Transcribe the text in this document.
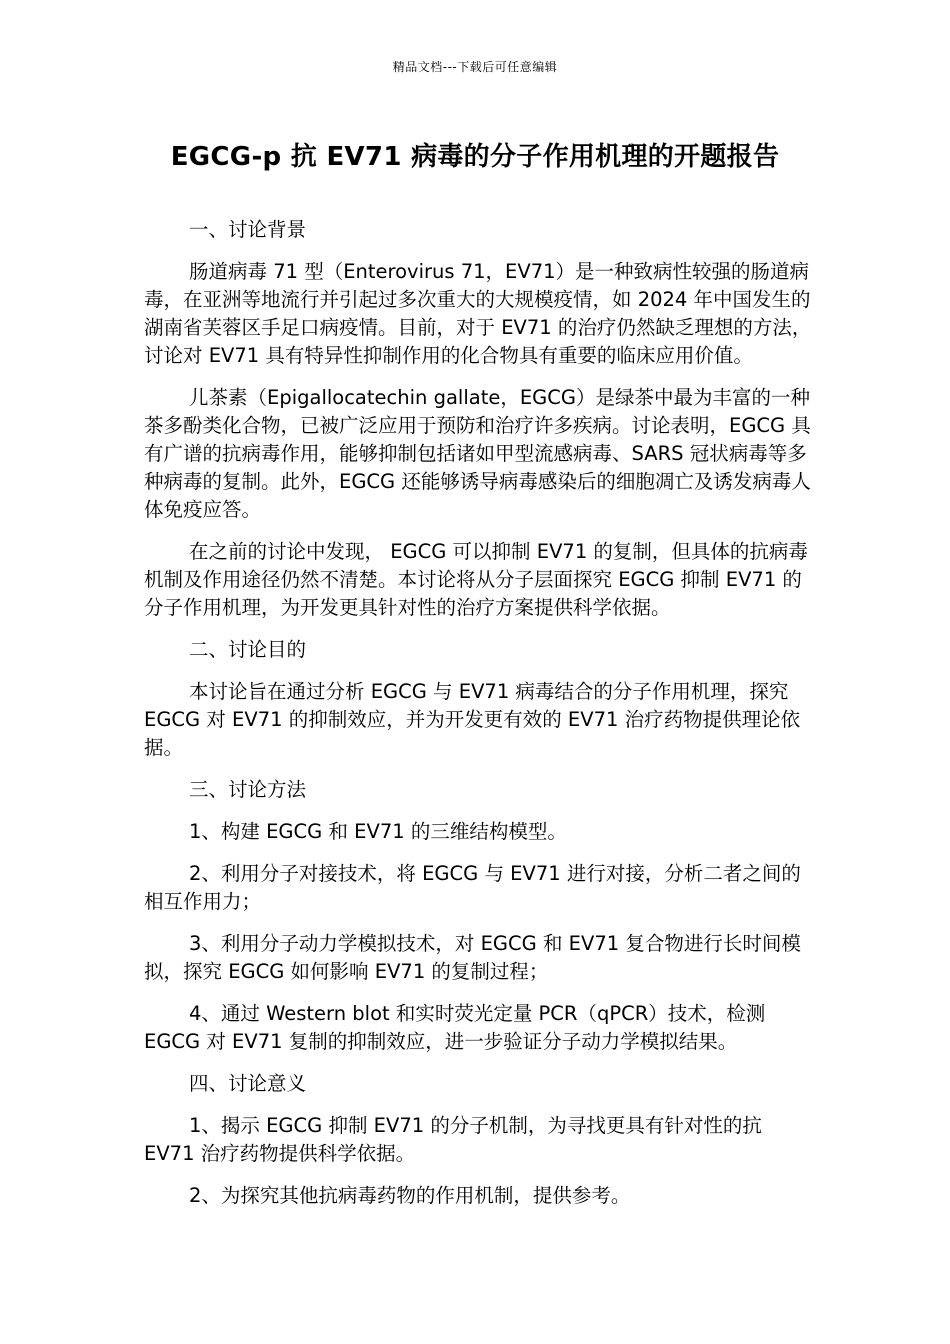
精品文档---下载后可任意编辑
EGCG-p 抗 EV71 病毒的分子作用机理的开题报告

一、讨论背景

肠道病毒 71 型（Enterovirus 71，EV71）是一种致病性较强的肠道病毒，在亚洲等地流行并引起过多次重大的大规模疫情，如 2024 年中国发生的湖南省芙蓉区手足口病疫情。目前，对于 EV71 的治疗仍然缺乏理想的方法，讨论对 EV71 具有特异性抑制作用的化合物具有重要的临床应用价值。

儿茶素（Epigallocatechin gallate，EGCG）是绿茶中最为丰富的一种茶多酚类化合物，已被广泛应用于预防和治疗许多疾病。讨论表明，EGCG 具有广谱的抗病毒作用，能够抑制包括诸如甲型流感病毒、SARS 冠状病毒等多种病毒的复制。此外，EGCG 还能够诱导病毒感染后的细胞凋亡及诱发病毒人体免疫应答。

在之前的讨论中发现， EGCG 可以抑制 EV71 的复制，但具体的抗病毒机制及作用途径仍然不清楚。本讨论将从分子层面探究 EGCG 抑制 EV71 的分子作用机理，为开发更具针对性的治疗方案提供科学依据。

二、讨论目的

本讨论旨在通过分析 EGCG 与 EV71 病毒结合的分子作用机理，探究 EGCG 对 EV71 的抑制效应，并为开发更有效的 EV71 治疗药物提供理论依据。

三、讨论方法

1、构建 EGCG 和 EV71 的三维结构模型。

2、利用分子对接技术，将 EGCG 与 EV71 进行对接，分析二者之间的相互作用力；

3、利用分子动力学模拟技术，对 EGCG 和 EV71 复合物进行长时间模拟，探究 EGCG 如何影响 EV71 的复制过程；

4、通过 Western blot 和实时荧光定量 PCR（qPCR）技术，检测 EGCG 对 EV71 复制的抑制效应，进一步验证分子动力学模拟结果。

四、讨论意义

1、揭示 EGCG 抑制 EV71 的分子机制，为寻找更具有针对性的抗 EV71 治疗药物提供科学依据。

2、为探究其他抗病毒药物的作用机制，提供参考。
